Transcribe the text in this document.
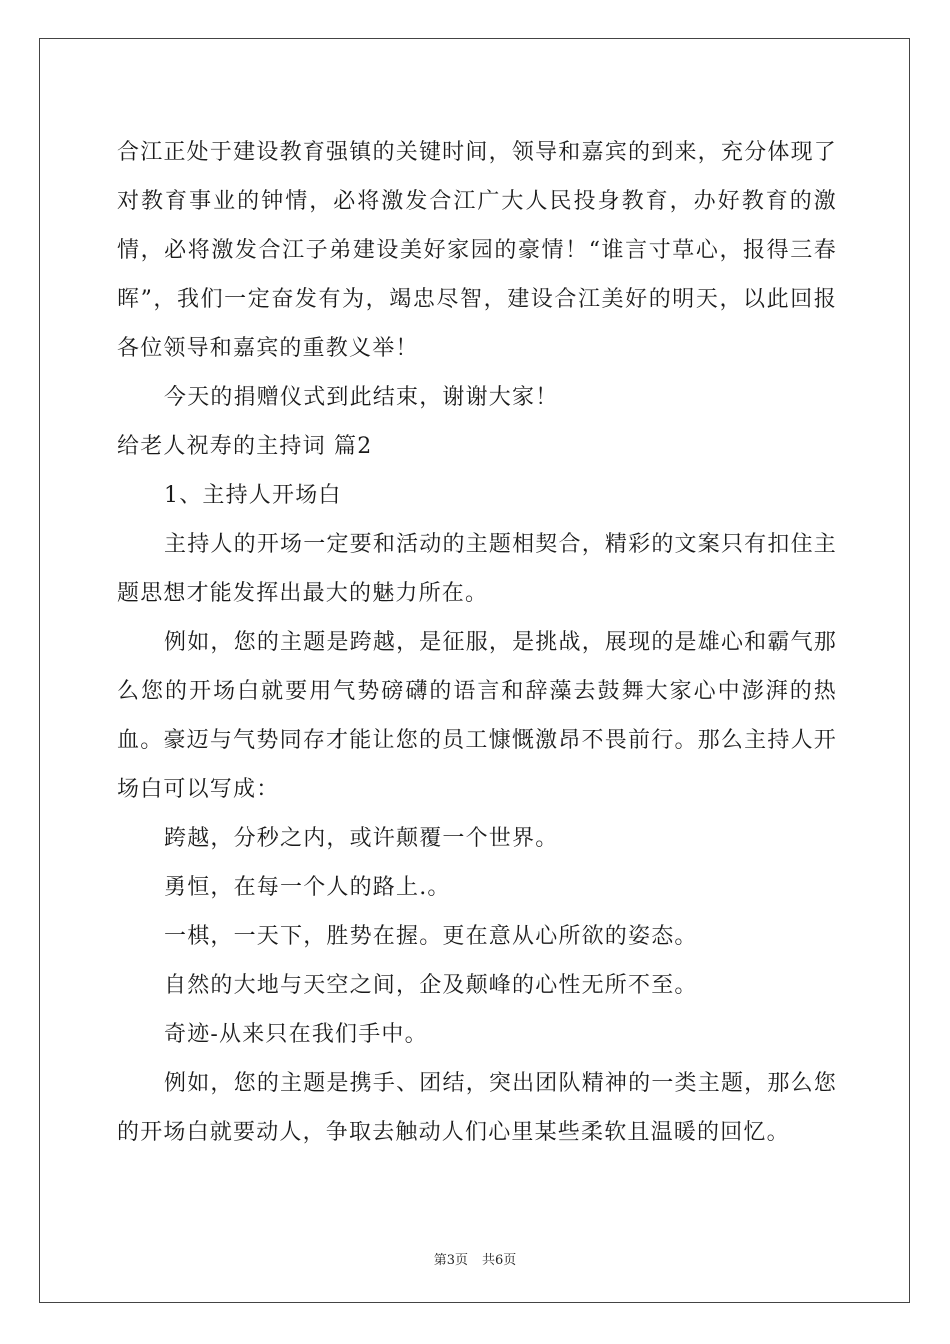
合江正处于建设教育强镇的关键时间，领导和嘉宾的到来，充分体现了对教育事业的钟情，必将激发合江广大人民投身教育，办好教育的激情，必将激发合江子弟建设美好家园的豪情！“谁言寸草心，报得三春晖”，我们一定奋发有为，竭忠尽智，建设合江美好的明天，以此回报各位领导和嘉宾的重教义举！

今天的捐赠仪式到此结束，谢谢大家！

给老人祝寿的主持词 篇2

1、主持人开场白

主持人的开场一定要和活动的主题相契合，精彩的文案只有扣住主题思想才能发挥出最大的魅力所在。

例如，您的主题是跨越，是征服，是挑战，展现的是雄心和霸气那么您的开场白就要用气势磅礴的语言和辞藻去鼓舞大家心中澎湃的热血。豪迈与气势同存才能让您的员工慷慨激昂不畏前行。那么主持人开场白可以写成：

跨越，分秒之内，或许颠覆一个世界。

勇恒，在每一个人的路上.。

一棋，一天下，胜势在握。更在意从心所欲的姿态。

自然的大地与天空之间，企及颠峰的心性无所不至。

奇迹-从来只在我们手中。

例如，您的主题是携手、团结，突出团队精神的一类主题，那么您的开场白就要动人，争取去触动人们心里某些柔软且温暖的回忆。

第3页 共6页
